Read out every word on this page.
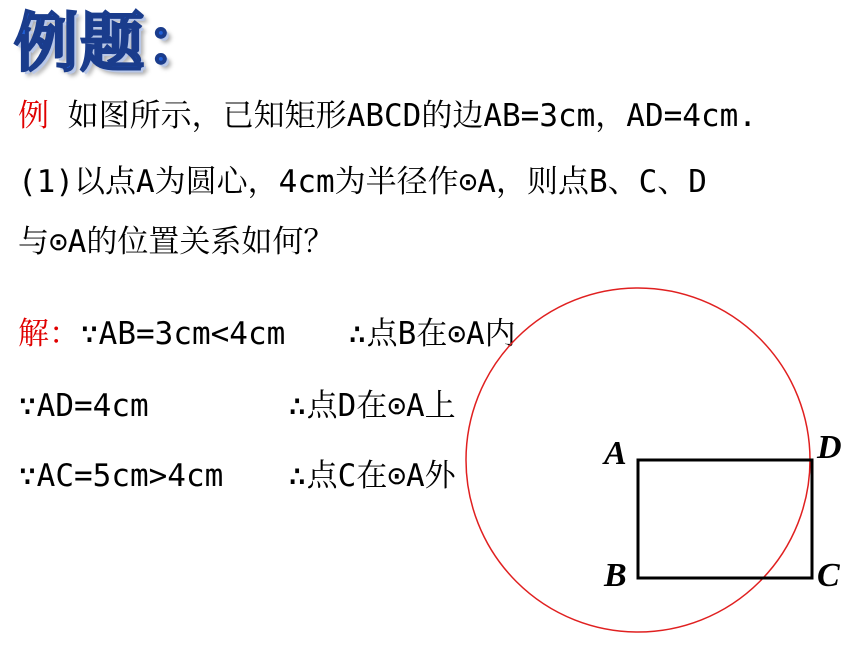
例题：
例 如图所示，已知矩形ABCD的边AB=3cm，AD=4cm.
(1)以点A为圆心，4cm为半径作⊙A，则点B、C、D
与⊙A的位置关系如何？
解：∵AB=3cm<4cm ∴点B在⊙A内
∵AD=4cm	∴点D在⊙A上
∵AC=5cm>4cm ∴点C在⊙A外
A	D
B	C
